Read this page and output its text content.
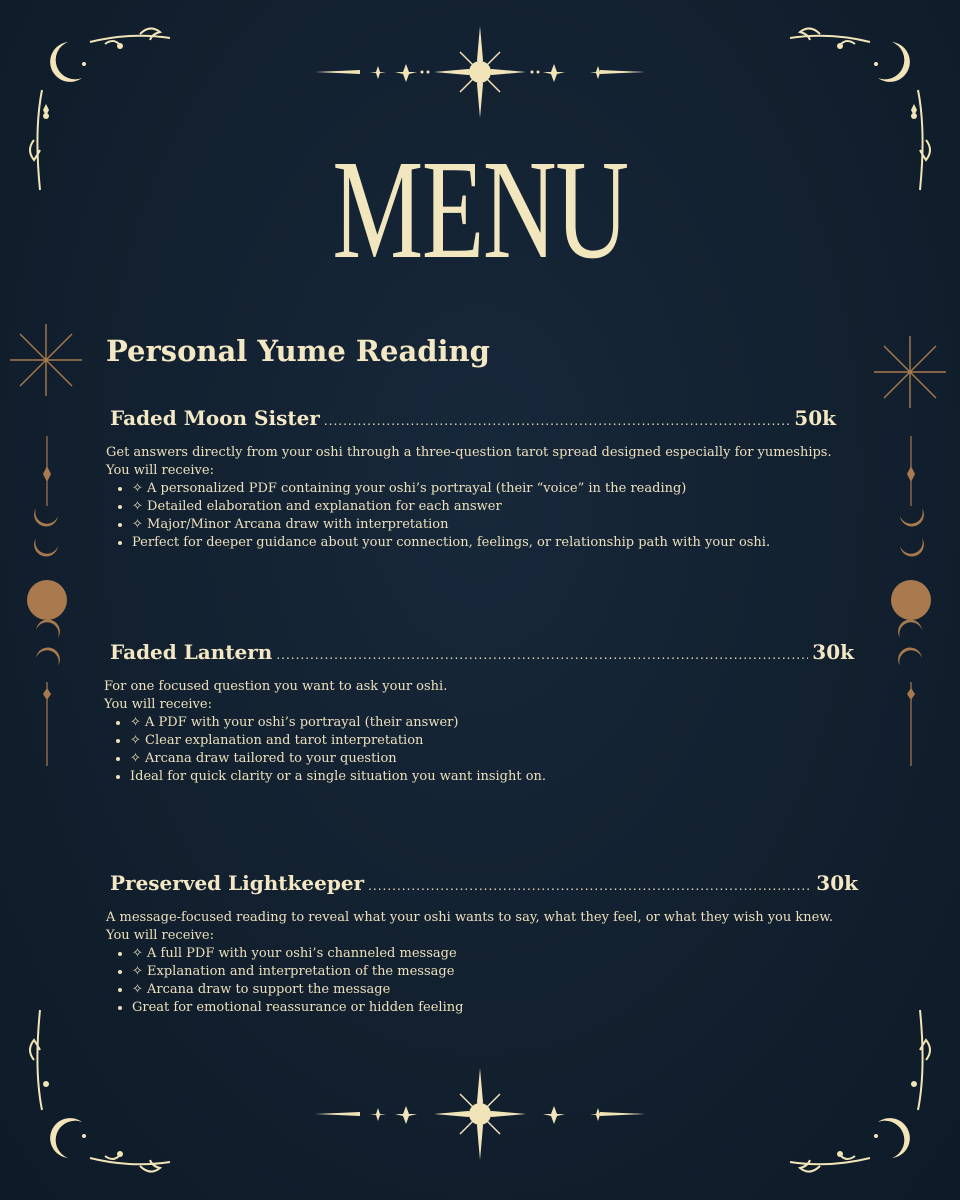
MENU
Personal Yume Reading
Faded Moon Sister .....	50k
Get answers directly from your oshi through a three-question tarot spread designed especially for yumeships.
You will receive:
• ✧ A personalized PDF containing your oshi’s portrayal (their “voice” in the reading)
• ✧ Detailed elaboration and explanation for each answer
• ✧ Major/Minor Arcana draw with interpretation
• Perfect for deeper guidance about your connection, feelings, or relationship path with your oshi.
Faded Lantern .....	30k
For one focused question you want to ask your oshi.
You will receive:
• ✧ A PDF with your oshi’s portrayal (their answer)
• ✧ Clear explanation and tarot interpretation
• ✧ Arcana draw tailored to your question
• Ideal for quick clarity or a single situation you want insight on.
Preserved Lightkeeper .....	30k
A message-focused reading to reveal what your oshi wants to say, what they feel, or what they wish you knew.
You will receive:
• ✧ A full PDF with your oshi’s channeled message
• ✧ Explanation and interpretation of the message
• ✧ Arcana draw to support the message
• Great for emotional reassurance or hidden feeling
